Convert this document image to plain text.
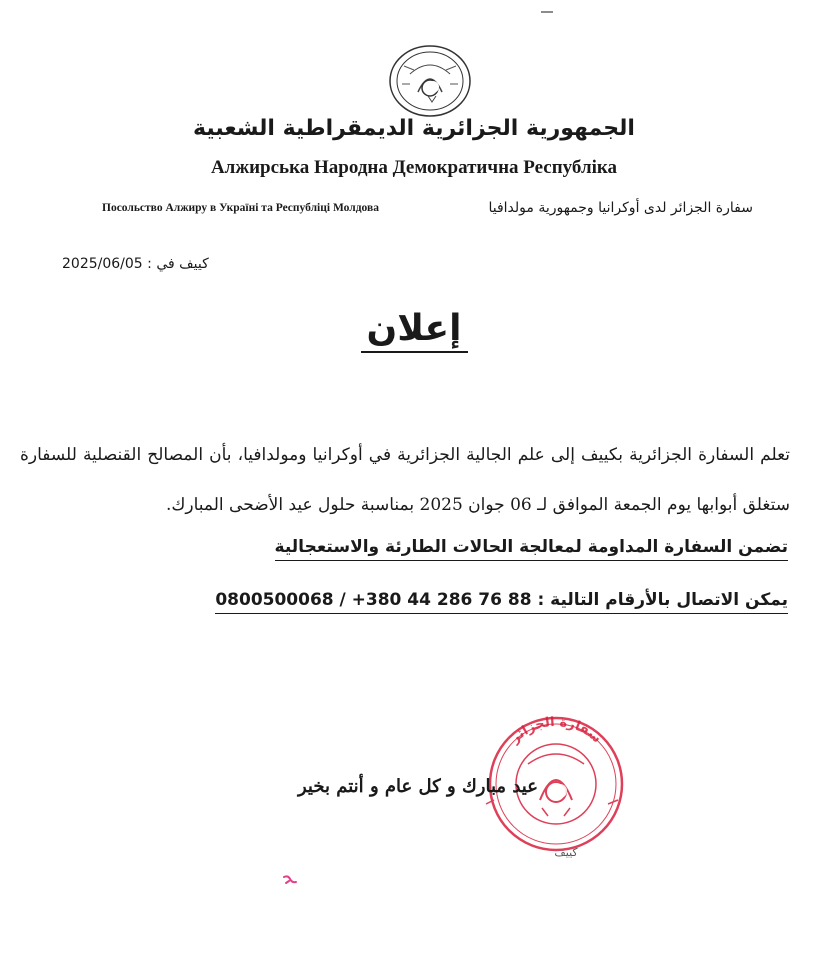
الجمهورية الجزائرية الديمقراطية الشعبية
Алжирська Народна Демократична Республіка
Посольство Алжиру в Україні та Республіці Молдова	سفارة الجزائر لدى أوكرانيا وجمهورية مولدافيا
2025/06/05 كييف في :
إعلان
تعلم السفارة الجزائرية بكييف إلى علم الجالية الجزائرية في أوكرانيا ومولدافيا، بأن المصالح القنصلية للسفارة ستغلق أبوابها يوم الجمعة الموافق لـ 06 جوان 2025 بمناسبة حلول عيد الأضحى المبارك.
تضمن السفارة المداومة لمعالجة الحالات الطارئة والاستعجالية
يمكن الاتصال بالأرقام التالية : 0800500068 / +380 44 286 76 88
سفارة الجزائر
كييف
عيد مبارك و كل عام و أنتم بخير
